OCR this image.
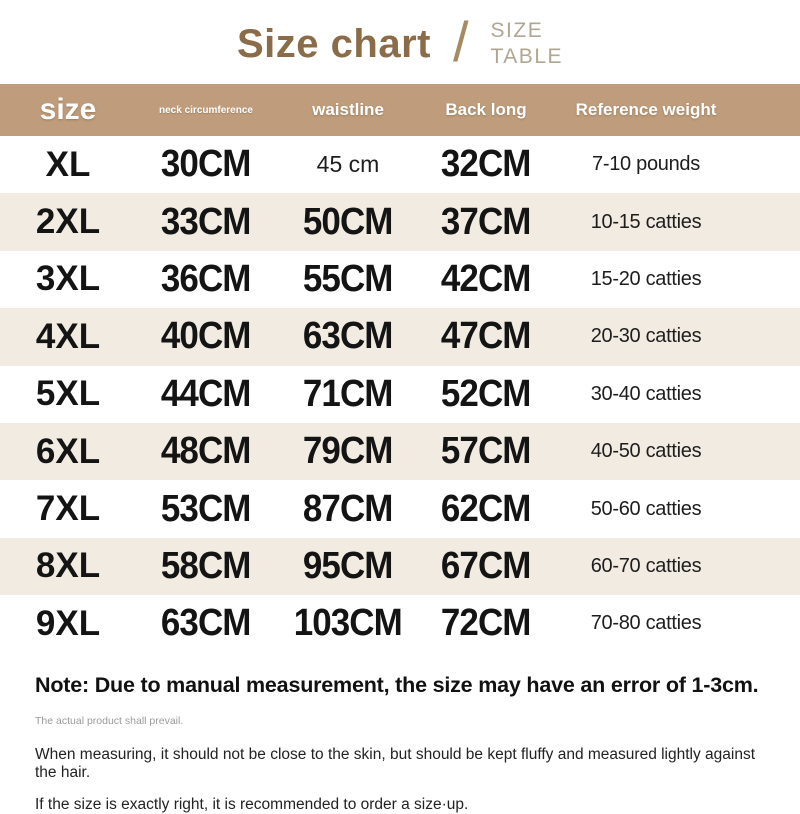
Size chart / SIZE
TABLE
size	neck circumference	waistline	Back long	Reference weight
XL	30CM	45 cm	32CM	7-10 pounds
2XL	33CM	50CM	37CM	10-15 catties
3XL	36CM	55CM	42CM	15-20 catties
4XL	40CM	63CM	47CM	20-30 catties
5XL	44CM	71CM	52CM	30-40 catties
6XL	48CM	79CM	57CM	40-50 catties
7XL	53CM	87CM	62CM	50-60 catties
8XL	58CM	95CM	67CM	60-70 catties
9XL	63CM	103CM	72CM	70-80 catties

Note: Due to manual measurement, the size may have an error of 1-3cm.

The actual product shall prevail.

When measuring, it should not be close to the skin, but should be kept fluffy and measured lightly against the hair.

If the size is exactly right, it is recommended to order a size·up.
